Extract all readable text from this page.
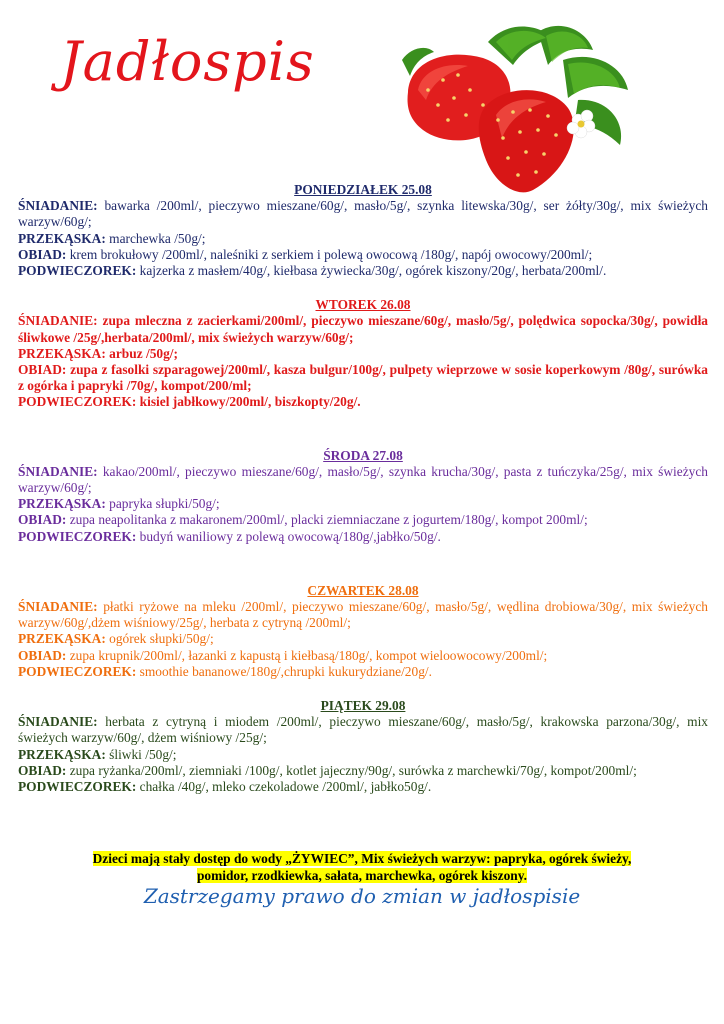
Jadłospis
PONIEDZIAŁEK 25.08
ŚNIADANIE: bawarka /200ml/, pieczywo mieszane/60g/, masło/5g/, szynka litewska/30g/, ser żółty/30g/, mix świeżych warzyw/60g/;
PRZEKĄSKA: marchewka /50g/;
OBIAD: krem brokułowy /200ml/, naleśniki z serkiem i polewą owocową /180g/, napój owocowy/200ml/;
PODWIECZOREK: kajzerka z masłem/40g/, kiełbasa żywiecka/30g/, ogórek kiszony/20g/, herbata/200ml/.
WTOREK 26.08
ŚNIADANIE: zupa mleczna z zacierkami/200ml/, pieczywo mieszane/60g/, masło/5g/, polędwica sopocka/30g/, powidła śliwkowe /25g/,herbata/200ml/, mix świeżych warzyw/60g/;
PRZEKĄSKA: arbuz /50g/;
OBIAD: zupa z fasolki szparagowej/200ml/, kasza bulgur/100g/, pulpety wieprzowe w sosie koperkowym /80g/, surówka z ogórka i papryki /70g/, kompot/200/ml;
PODWIECZOREK: kisiel jabłkowy/200ml/, biszkopty/20g/.
ŚRODA 27.08
ŚNIADANIE: kakao/200ml/, pieczywo mieszane/60g/, masło/5g/, szynka krucha/30g/, pasta z tuńczyka/25g/, mix świeżych warzyw/60g/;
PRZEKĄSKA: papryka słupki/50g/;
OBIAD: zupa neapolitanka z makaronem/200ml/, placki ziemniaczane z jogurtem/180g/, kompot 200ml/;
PODWIECZOREK: budyń waniliowy z polewą owocową/180g/,jabłko/50g/.
CZWARTEK 28.08
ŚNIADANIE: płatki ryżowe na mleku /200ml/, pieczywo mieszane/60g/, masło/5g/, wędlina drobiowa/30g/, mix świeżych warzyw/60g/,dżem wiśniowy/25g/, herbata z cytryną /200ml/;
PRZEKĄSKA: ogórek słupki/50g/;
OBIAD: zupa krupnik/200ml/, łazanki z kapustą i kiełbasą/180g/, kompot wieloowocowy/200ml/;
PODWIECZOREK: smoothie bananowe/180g/,chrupki kukurydziane/20g/.
PIĄTEK 29.08
ŚNIADANIE: herbata z cytryną i miodem /200ml/, pieczywo mieszane/60g/, masło/5g/, krakowska parzona/30g/, mix świeżych warzyw/60g/, dżem wiśniowy /25g/;
PRZEKĄSKA: śliwki /50g/;
OBIAD: zupa ryżanka/200ml/, ziemniaki /100g/, kotlet jajeczny/90g/, surówka z marchewki/70g/, kompot/200ml/;
PODWIECZOREK: chałka /40g/, mleko czekoladowe /200ml/, jabłko50g/.
Dzieci mają stały dostęp do wody „ŻYWIEC”, Mix świeżych warzyw: papryka, ogórek świeży,
pomidor, rzodkiewka, sałata, marchewka, ogórek kiszony.
Zastrzegamy prawo do zmian w jadłospisie
